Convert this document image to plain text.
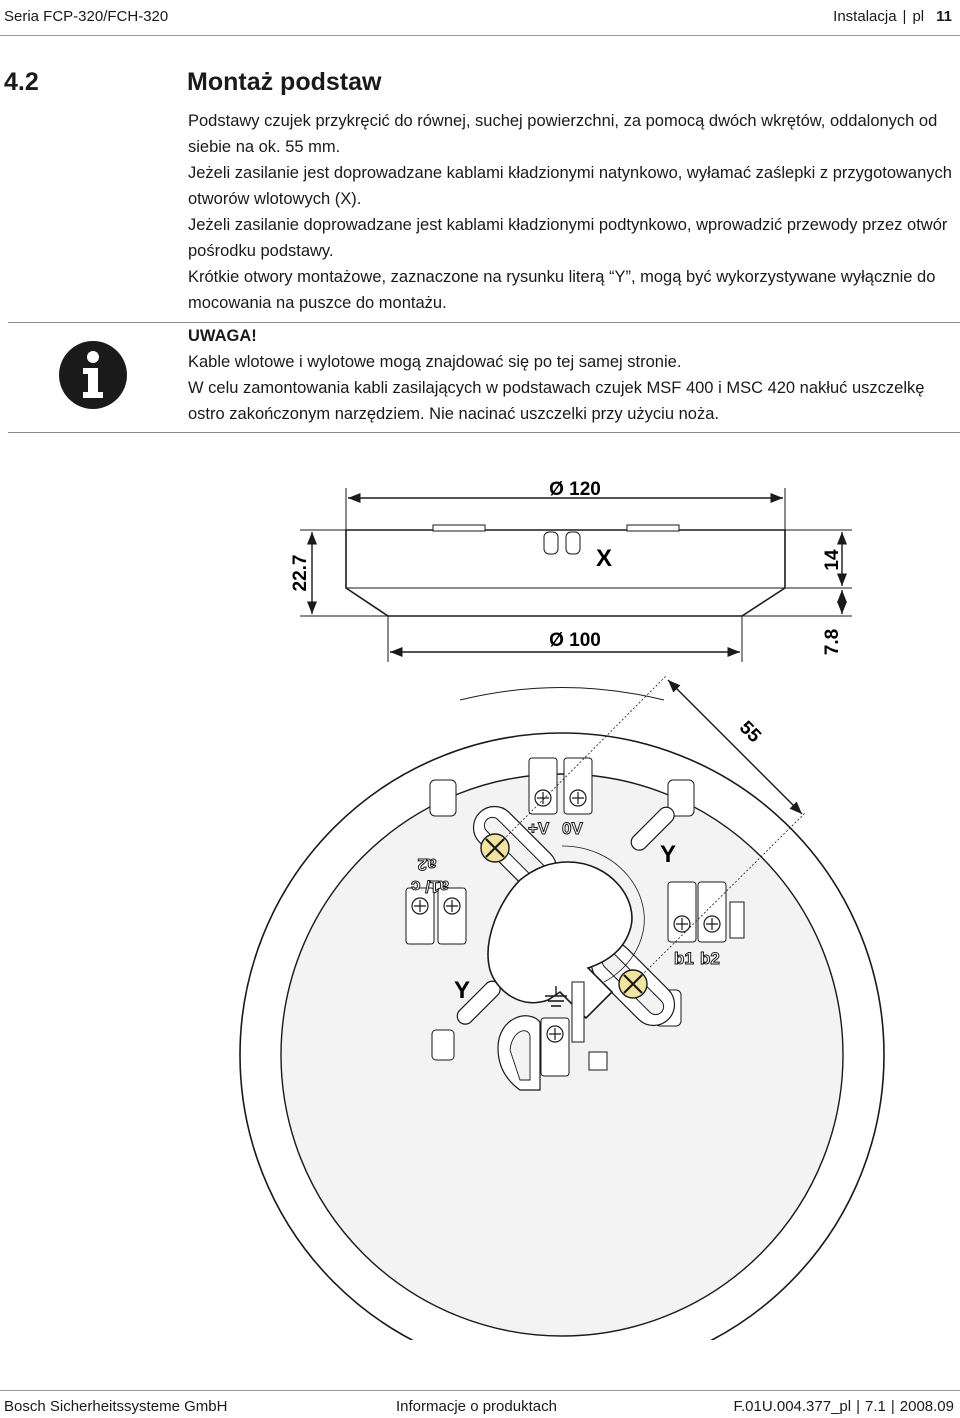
Seria FCP-320/FCH-320	Instalacja | pl 11
4.2	Montaż podstaw
Podstawy czujek przykręcić do równej, suchej powierzchni, za pomocą dwóch wkrętów, oddalonych od siebie na ok. 55 mm.
Jeżeli zasilanie jest doprowadzane kablami kładzionymi natynkowo, wyłamać zaślepki z przygotowanych otworów wlotowych (X).
Jeżeli zasilanie doprowadzane jest kablami kładzionymi podtynkowo, wprowadzić przewody przez otwór pośrodku podstawy.
Krótkie otwory montażowe, zaznaczone na rysunku literą “Y”, mogą być wykorzystywane wyłącznie do mocowania na puszce do montażu.
UWAGA!
Kable wlotowe i wylotowe mogą znajdować się po tej samej stronie.
W celu zamontowania kabli zasilających w podstawach czujek MSF 400 i MSC 420 nakłuć uszczelkę ostro zakończonym narzędziem. Nie nacinać uszczelki przy użyciu noża.
Ø 120
X
22.7	14
7.8
Ø 100
+V 0V
a2
a1/ c
b1 b2
Y
Y
55
Bosch Sicherheitssysteme GmbH	Informacje o produktach	F.01U.004.377_pl | 7.1 | 2008.09
